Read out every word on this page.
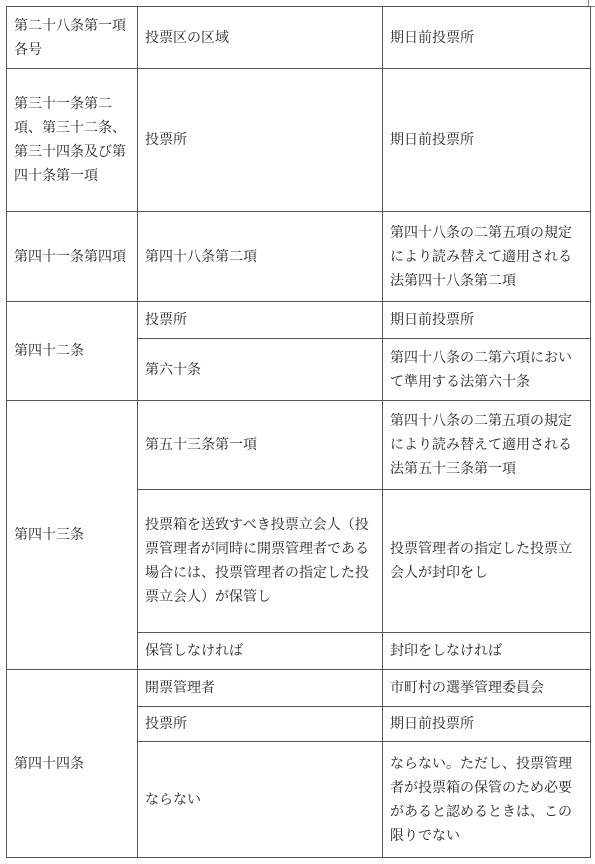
第二十八条第一項各号	投票区の区域	期日前投票所
第三十一条第二項、第三十二条、第三十四条及び第四十条第一項	投票所	期日前投票所
第四十一条第四項	第四十八条第二項	第四十八条の二第五項の規定により読み替えて適用される法第四十八条第二項
第四十二条	投票所	期日前投票所
	第六十条	第四十八条の二第六項において準用する法第六十条
第四十三条	第五十三条第一項	第四十八条の二第五項の規定により読み替えて適用される法第五十三条第一項
	投票箱を送致すべき投票立会人（投票管理者が同時に開票管理者である場合には、投票管理者の指定した投票立会人）が保管し	投票管理者の指定した投票立会人が封印をし
	保管しなければ	封印をしなければ
第四十四条	開票管理者	市町村の選挙管理委員会
	投票所	期日前投票所
	ならない	ならない。ただし、投票管理者が投票箱の保管のため必要があると認めるときは、この限りでない
